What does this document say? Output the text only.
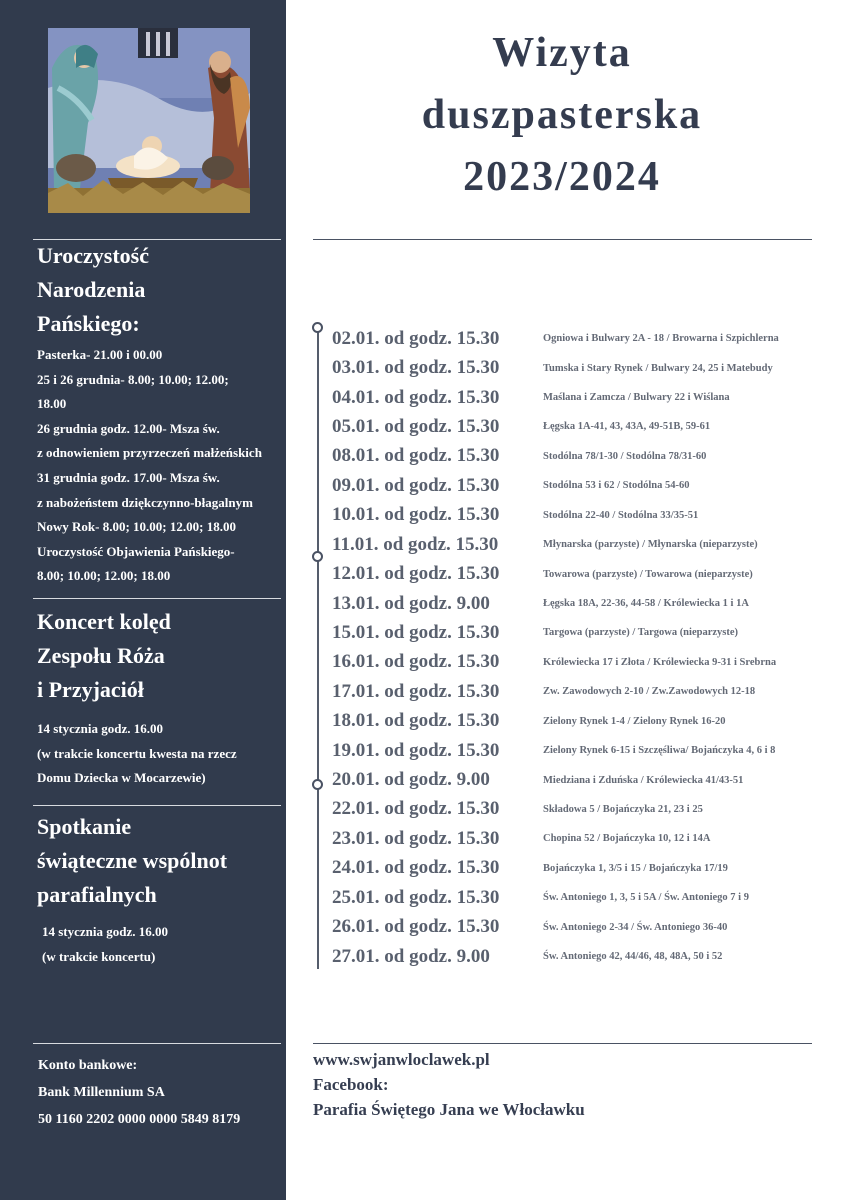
Uroczystość
Narodzenia
Pańskiego:
Pasterka- 21.00 i 00.00
25 i 26 grudnia- 8.00; 10.00; 12.00;
18.00
26 grudnia godz. 12.00- Msza św.
z odnowieniem przyrzeczeń małżeńskich
31 grudnia godz. 17.00- Msza św.
z nabożeństem dziękczynno-błagalnym
Nowy Rok- 8.00; 10.00; 12.00; 18.00
Uroczystość Objawienia Pańskiego-
8.00; 10.00; 12.00; 18.00
Koncert kolęd
Zespołu Róża
i Przyjaciół
14 stycznia godz. 16.00
(w trakcie koncertu kwesta na rzecz
Domu Dziecka w Mocarzewie)
Spotkanie
świąteczne wspólnot
parafialnych
14 stycznia godz. 16.00
(w trakcie koncertu)
Konto bankowe:
Bank Millennium SA
50 1160 2202 0000 0000 5849 8179
Wizyta
duszpasterska
2023/2024
02.01. od godz. 15.30	Ogniowa i Bulwary 2A - 18 / Browarna i Szpichlerna
03.01. od godz. 15.30	Tumska i Stary Rynek / Bulwary 24, 25 i Matebudy
04.01. od godz. 15.30	Maślana i Zamcza / Bulwary 22 i Wiślana
05.01. od godz. 15.30	Łęgska 1A-41, 43, 43A, 49-51B, 59-61
08.01. od godz. 15.30	Stodólna 78/1-30 / Stodólna 78/31-60
09.01. od godz. 15.30	Stodólna 53 i 62 / Stodólna 54-60
10.01. od godz. 15.30	Stodólna 22-40 / Stodólna 33/35-51
11.01. od godz. 15.30	Młynarska (parzyste) / Młynarska (nieparzyste)
12.01. od godz. 15.30	Towarowa (parzyste) / Towarowa (nieparzyste)
13.01. od godz. 9.00	Łęgska 18A, 22-36, 44-58 / Królewiecka 1 i 1A
15.01. od godz. 15.30	Targowa (parzyste) / Targowa (nieparzyste)
16.01. od godz. 15.30	Królewiecka 17 i Złota / Królewiecka 9-31 i Srebrna
17.01. od godz. 15.30	Zw. Zawodowych 2-10 / Zw.Zawodowych 12-18
18.01. od godz. 15.30	Zielony Rynek 1-4 / Zielony Rynek 16-20
19.01. od godz. 15.30	Zielony Rynek 6-15 i Szczęśliwa/ Bojańczyka 4, 6 i 8
20.01. od godz. 9.00	Miedziana i Zduńska / Królewiecka 41/43-51
22.01. od godz. 15.30	Składowa 5 / Bojańczyka 21, 23 i 25
23.01. od godz. 15.30	Chopina 52 / Bojańczyka 10, 12 i 14A
24.01. od godz. 15.30	Bojańczyka 1, 3/5 i 15 / Bojańczyka 17/19
25.01. od godz. 15.30	Św. Antoniego 1, 3, 5 i 5A / Św. Antoniego 7 i 9
26.01. od godz. 15.30	Św. Antoniego 2-34 / Św. Antoniego 36-40
27.01. od godz. 9.00	Św. Antoniego 42, 44/46, 48, 48A, 50 i 52
www.swjanwloclawek.pl
Facebook:
Parafia Świętego Jana we Włocławku
